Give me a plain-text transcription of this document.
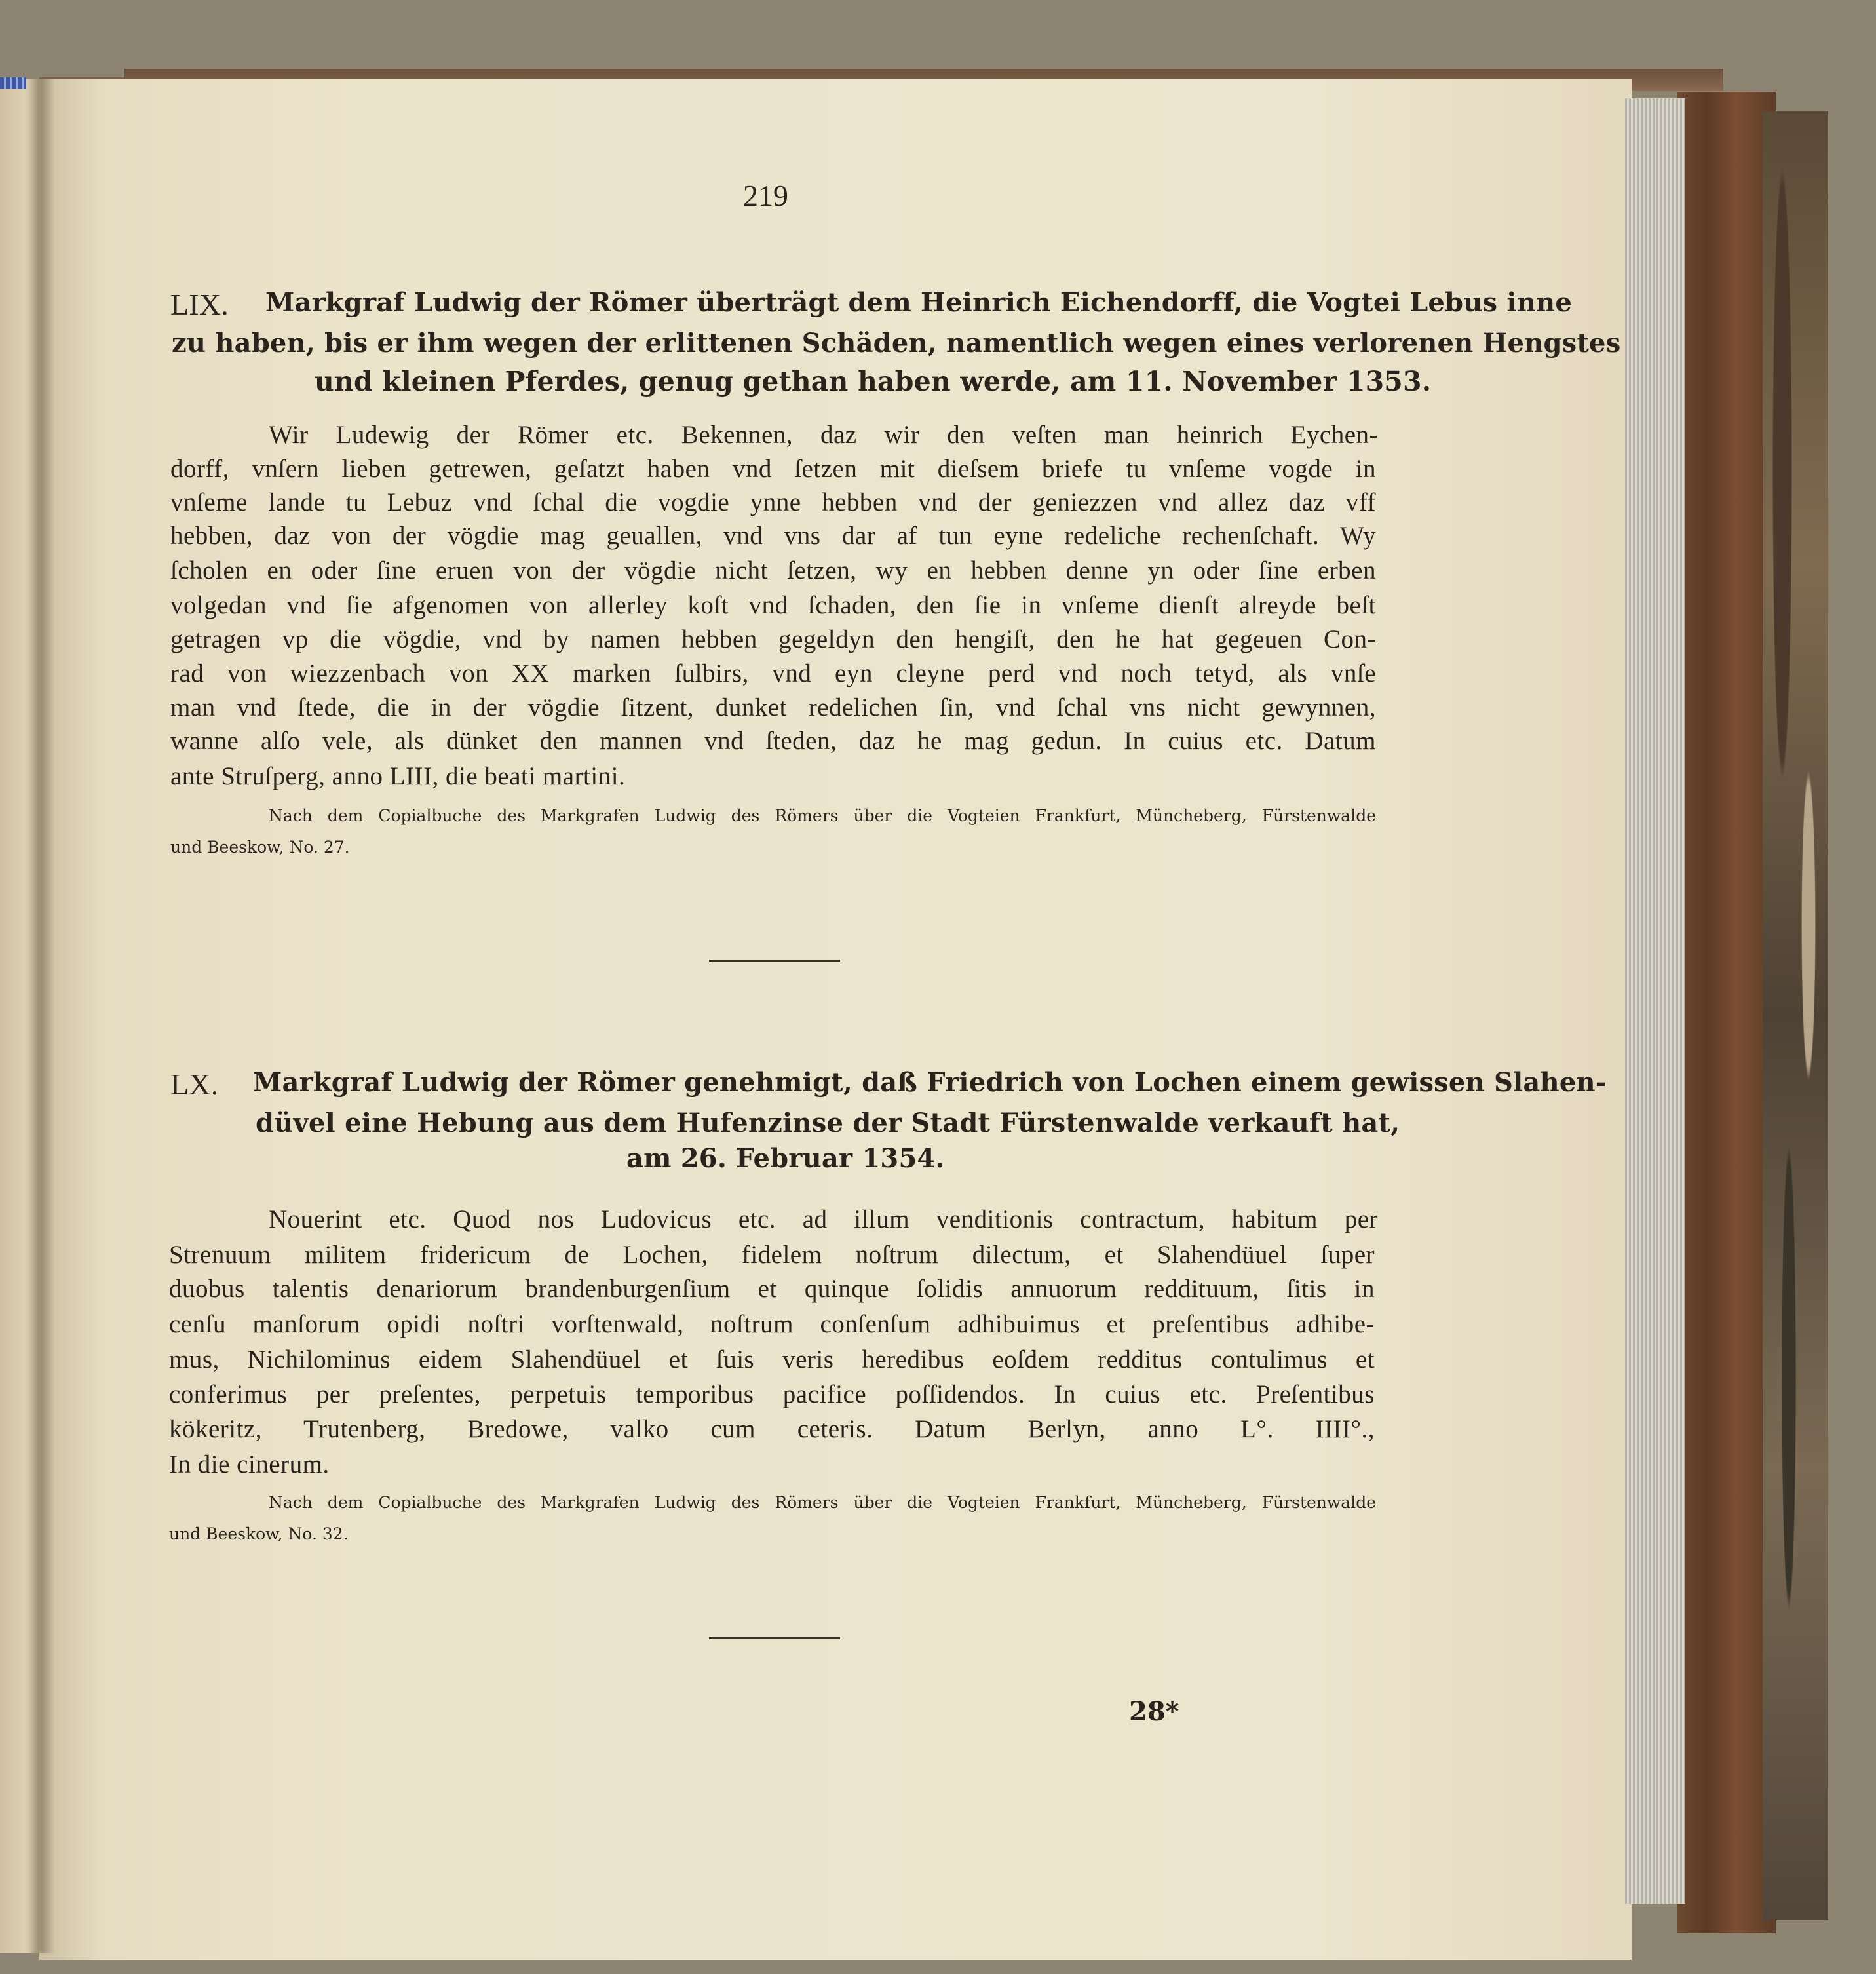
219
LIX. Markgraf Ludwig der Römer überträgt dem Heinrich Eichendorff, die Vogtei Lebus inne
zu haben, bis er ihm wegen der erlittenen Schäden, namentlich wegen eines verlorenen Hengstes
und kleinen Pferdes, genug gethan haben werde, am 11. November 1353.
Wir Ludewig der Römer etc. Bekennen, daz wir den veſten man heinrich Eychen-
dorff, vnſern lieben getrewen, geſatzt haben vnd ſetzen mit dieſsem briefe tu vnſeme vogde in
vnſeme lande tu Lebuz vnd ſchal die vogdie ynne hebben vnd der geniezzen vnd allez daz vff
hebben, daz von der vögdie mag geuallen, vnd vns dar af tun eyne redeliche rechenſchaft. Wy
ſcholen en oder ſine eruen von der vögdie nicht ſetzen, wy en hebben denne yn oder ſine erben
volgedan vnd ſie afgenomen von allerley koſt vnd ſchaden, den ſie in vnſeme dienſt alreyde beſt
getragen vp die vögdie, vnd by namen hebben gegeldyn den hengiſt, den he hat gegeuen Con-
rad von wiezzenbach von XX marken ſulbirs, vnd eyn cleyne perd vnd noch tetyd, als vnſe
man vnd ſtede, die in der vögdie ſitzent, dunket redelichen ſin, vnd ſchal vns nicht gewynnen,
wanne alſo vele, als dünket den mannen vnd ſteden, daz he mag gedun. In cuius etc. Datum
ante Struſperg, anno LIII, die beati martini.
Nach dem Copialbuche des Markgrafen Ludwig des Römers über die Vogteien Frankfurt, Müncheberg, Fürstenwalde
und Beeskow, No. 27.
LX. Markgraf Ludwig der Römer genehmigt, daß Friedrich von Lochen einem gewissen Slahen-
düvel eine Hebung aus dem Hufenzinse der Stadt Fürstenwalde verkauft hat,
am 26. Februar 1354.
Nouerint etc. Quod nos Ludovicus etc. ad illum venditionis contractum, habitum per
Strenuum militem fridericum de Lochen, fidelem noſtrum dilectum, et Slahendüuel ſuper
duobus talentis denariorum brandenburgenſium et quinque ſolidis annuorum reddituum, ſitis in
cenſu manſorum opidi noſtri vorſtenwald, noſtrum conſenſum adhibuimus et preſentibus adhibe-
mus, Nichilominus eidem Slahendüuel et ſuis veris heredibus eoſdem redditus contulimus et
conferimus per preſentes, perpetuis temporibus pacifice poſſidendos. In cuius etc. Preſentibus
kökeritz, Trutenberg, Bredowe, valko cum ceteris. Datum Berlyn, anno L°. IIII°.,
In die cinerum.
Nach dem Copialbuche des Markgrafen Ludwig des Römers über die Vogteien Frankfurt, Müncheberg, Fürstenwalde
und Beeskow, No. 32.
28*
